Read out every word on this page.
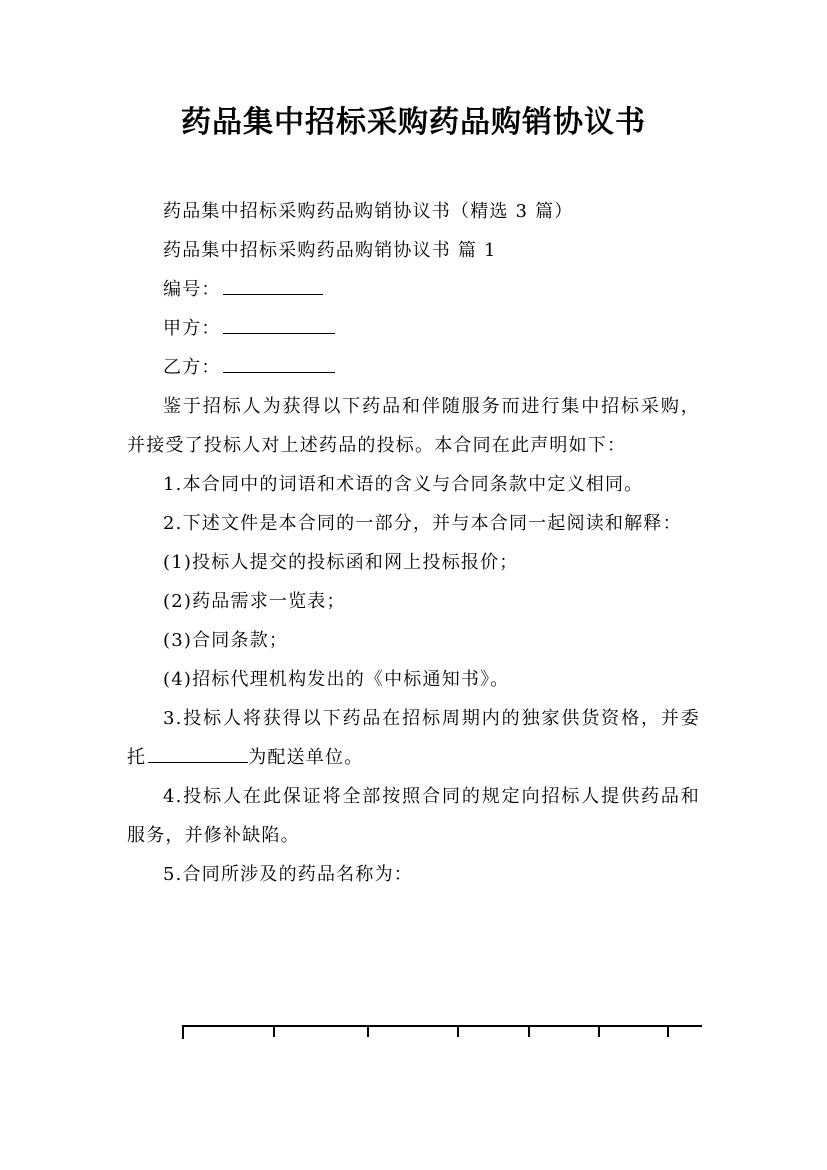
药品集中招标采购药品购销协议书

药品集中招标采购药品购销协议书（精选 3 篇）

药品集中招标采购药品购销协议书 篇 1

编号：

甲方：

乙方：

鉴于招标人为获得以下药品和伴随服务而进行集中招标采购，并接受了投标人对上述药品的投标。本合同在此声明如下：

1.本合同中的词语和术语的含义与合同条款中定义相同。

2.下述文件是本合同的一部分，并与本合同一起阅读和解释：

(1)投标人提交的投标函和网上投标报价；

(2)药品需求一览表；

(3)合同条款；

(4)招标代理机构发出的《中标通知书》。

3.投标人将获得以下药品在招标周期内的独家供货资格，并委托	为配送单位。

4.投标人在此保证将全部按照合同的规定向招标人提供药品和服务，并修补缺陷。

5.合同所涉及的药品名称为：
